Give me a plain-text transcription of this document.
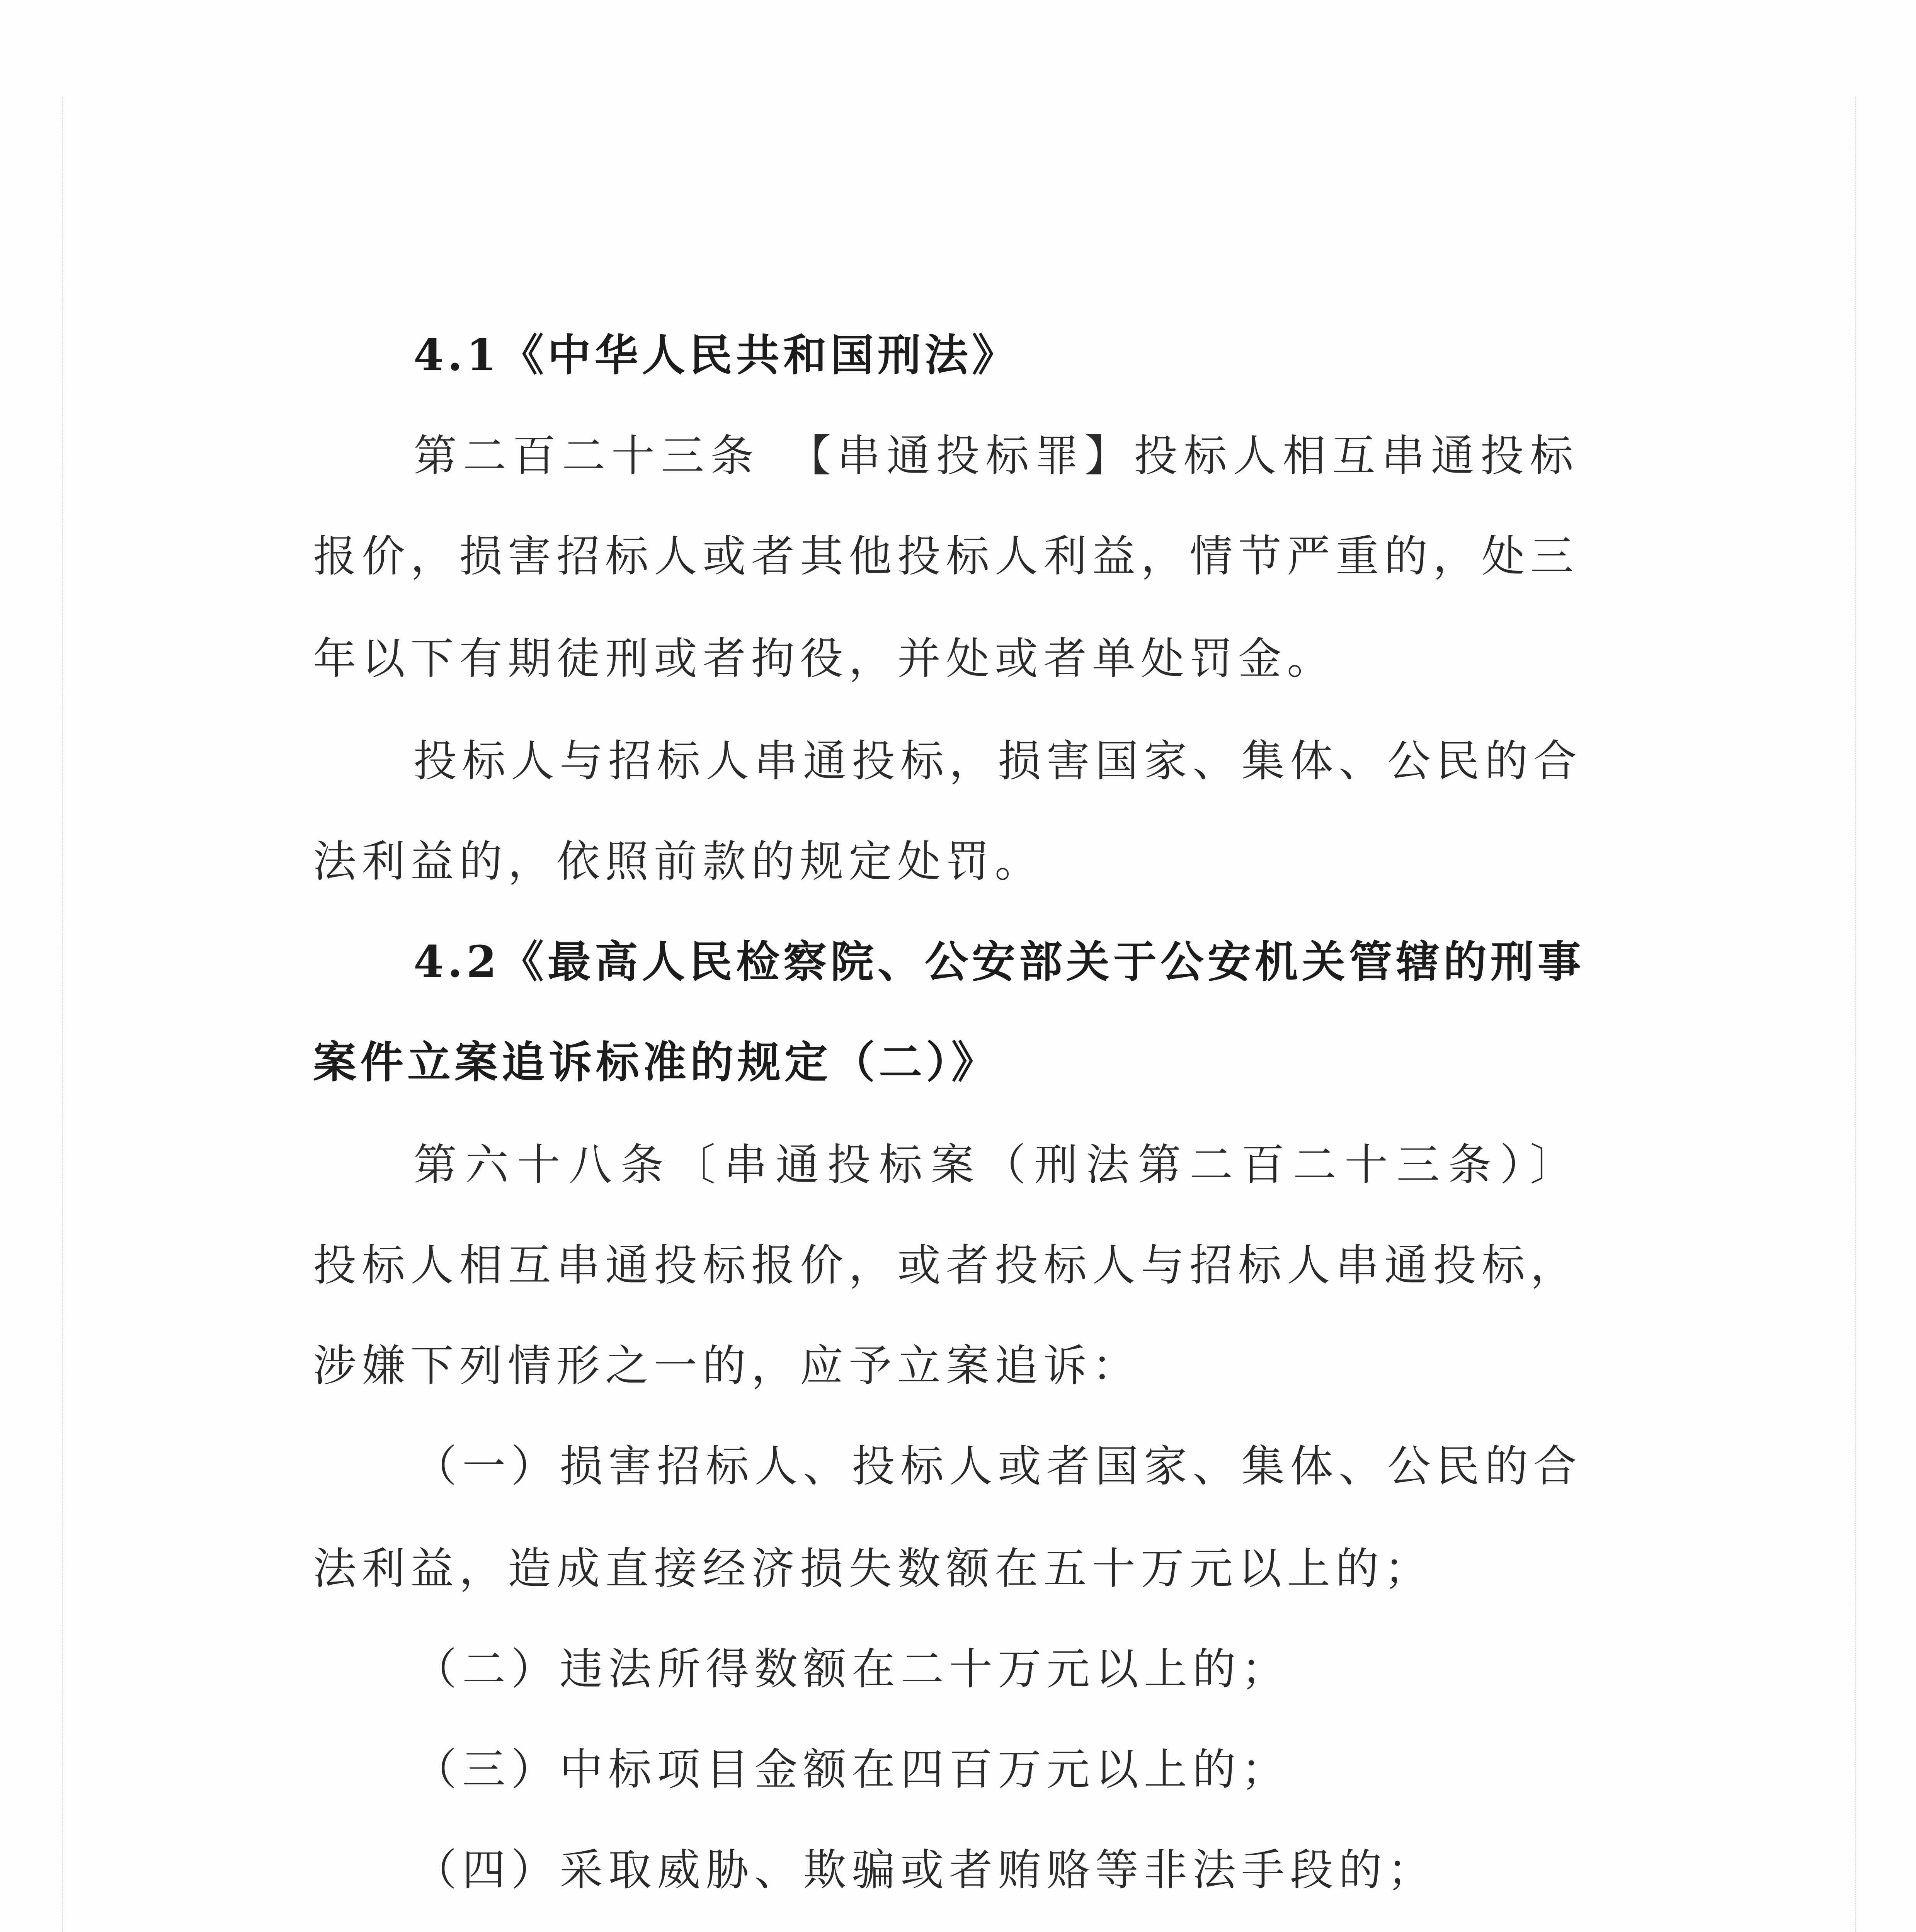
4.1《中华人民共和国刑法》
第二百二十三条　【串通投标罪】投标人相互串通投标
报价，损害招标人或者其他投标人利益，情节严重的，处三
年以下有期徒刑或者拘役，并处或者单处罚金。
投标人与招标人串通投标，损害国家、集体、公民的合
法利益的，依照前款的规定处罚。
4.2《最高人民检察院、公安部关于公安机关管辖的刑事
案件立案追诉标准的规定（二）》
第六十八条〔串通投标案（刑法第二百二十三条）〕
投标人相互串通投标报价，或者投标人与招标人串通投标，
涉嫌下列情形之一的，应予立案追诉：
（一）损害招标人、投标人或者国家、集体、公民的合
法利益，造成直接经济损失数额在五十万元以上的；
（二）违法所得数额在二十万元以上的；
（三）中标项目金额在四百万元以上的；
（四）采取威胁、欺骗或者贿赂等非法手段的；
